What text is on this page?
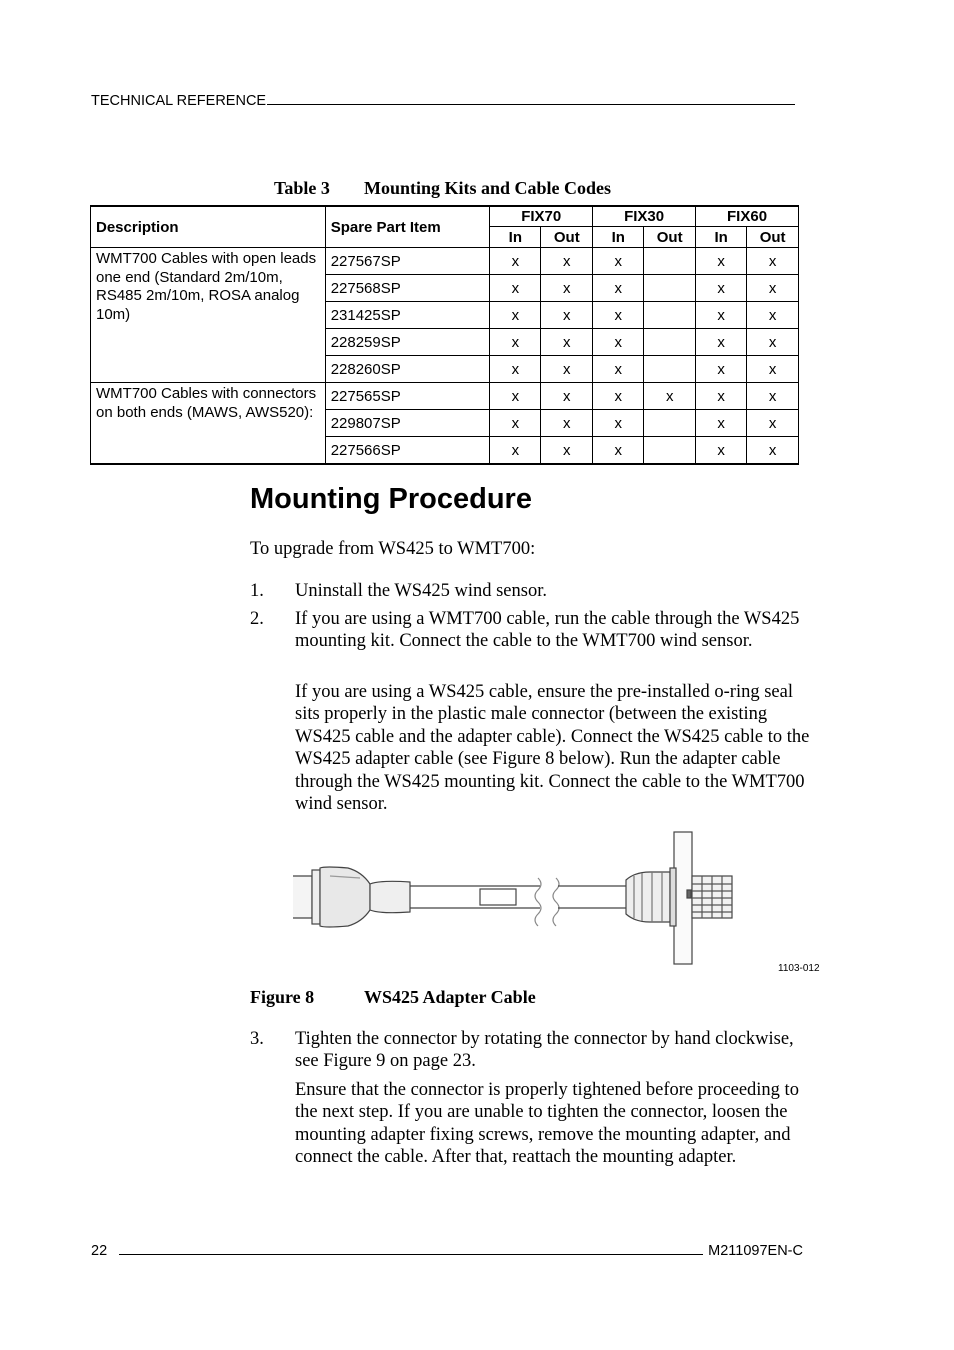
TECHNICAL REFERENCE
Table 3 Mounting Kits and Cable Codes
Description	Spare Part Item	FIX70		FIX30		FIX60	
		In	Out	In	Out	In	Out
WMT700 Cables with open leads one end (Standard 2m/10m, RS485 2m/10m, ROSA analog 10m)	227567SP	x	x	x		x	x
	227568SP	x	x	x		x	x
	231425SP	x	x	x		x	x
	228259SP	x	x	x		x	x
	228260SP	x	x	x		x	x
WMT700 Cables with connectors on both ends (MAWS, AWS520):	227565SP	x	x	x	x	x	x
	229807SP	x	x	x		x	x
	227566SP	x	x	x		x	x
Mounting Procedure
To upgrade from WS425 to WMT700:
1. Uninstall the WS425 wind sensor.
2. If you are using a WMT700 cable, run the cable through the WS425 mounting kit. Connect the cable to the WMT700 wind sensor.
If you are using a WS425 cable, ensure the pre-installed o-ring seal sits properly in the plastic male connector (between the existing WS425 cable and the adapter cable). Connect the WS425 cable to the WS425 adapter cable (see Figure 8 below). Run the adapter cable through the WS425 mounting kit. Connect the cable to the WMT700 wind sensor.
1103-012
Figure 8	WS425 Adapter Cable
3. Tighten the connector by rotating the connector by hand clockwise, see Figure 9 on page 23.
Ensure that the connector is properly tightened before proceeding to the next step. If you are unable to tighten the connector, loosen the mounting adapter fixing screws, remove the mounting adapter, and connect the cable. After that, reattach the mounting adapter.
22	M211097EN-C
